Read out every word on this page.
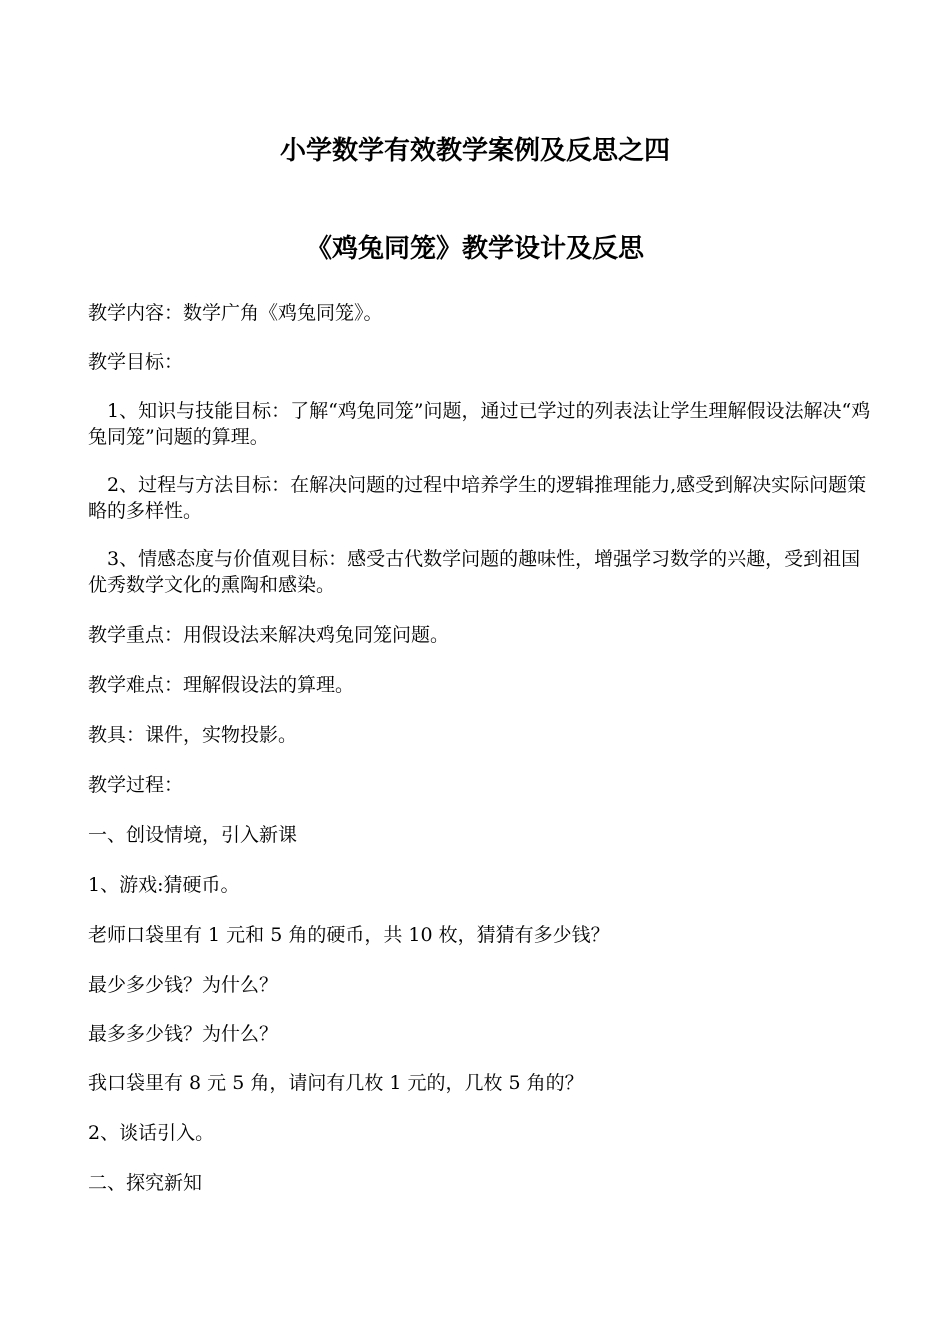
小学数学有效教学案例及反思之四
《鸡兔同笼》教学设计及反思

教学内容：数学广角《鸡兔同笼》。

教学目标：

1、知识与技能目标：了解“鸡兔同笼”问题，通过已学过的列表法让学生理解假设法解决“鸡兔同笼”问题的算理。

2、过程与方法目标：在解决问题的过程中培养学生的逻辑推理能力,感受到解决实际问题策略的多样性。

3、情感态度与价值观目标：感受古代数学问题的趣味性，增强学习数学的兴趣，受到祖国优秀数学文化的熏陶和感染。

教学重点：用假设法来解决鸡兔同笼问题。

教学难点：理解假设法的算理。

教具：课件，实物投影。

教学过程：

一、创设情境，引入新课

1、游戏:猜硬币。

老师口袋里有 1 元和 5 角的硬币，共 10 枚，猜猜有多少钱？

最少多少钱？为什么？

最多多少钱？为什么？

我口袋里有 8 元 5 角，请问有几枚 1 元的，几枚 5 角的？

2、谈话引入。

二、探究新知
